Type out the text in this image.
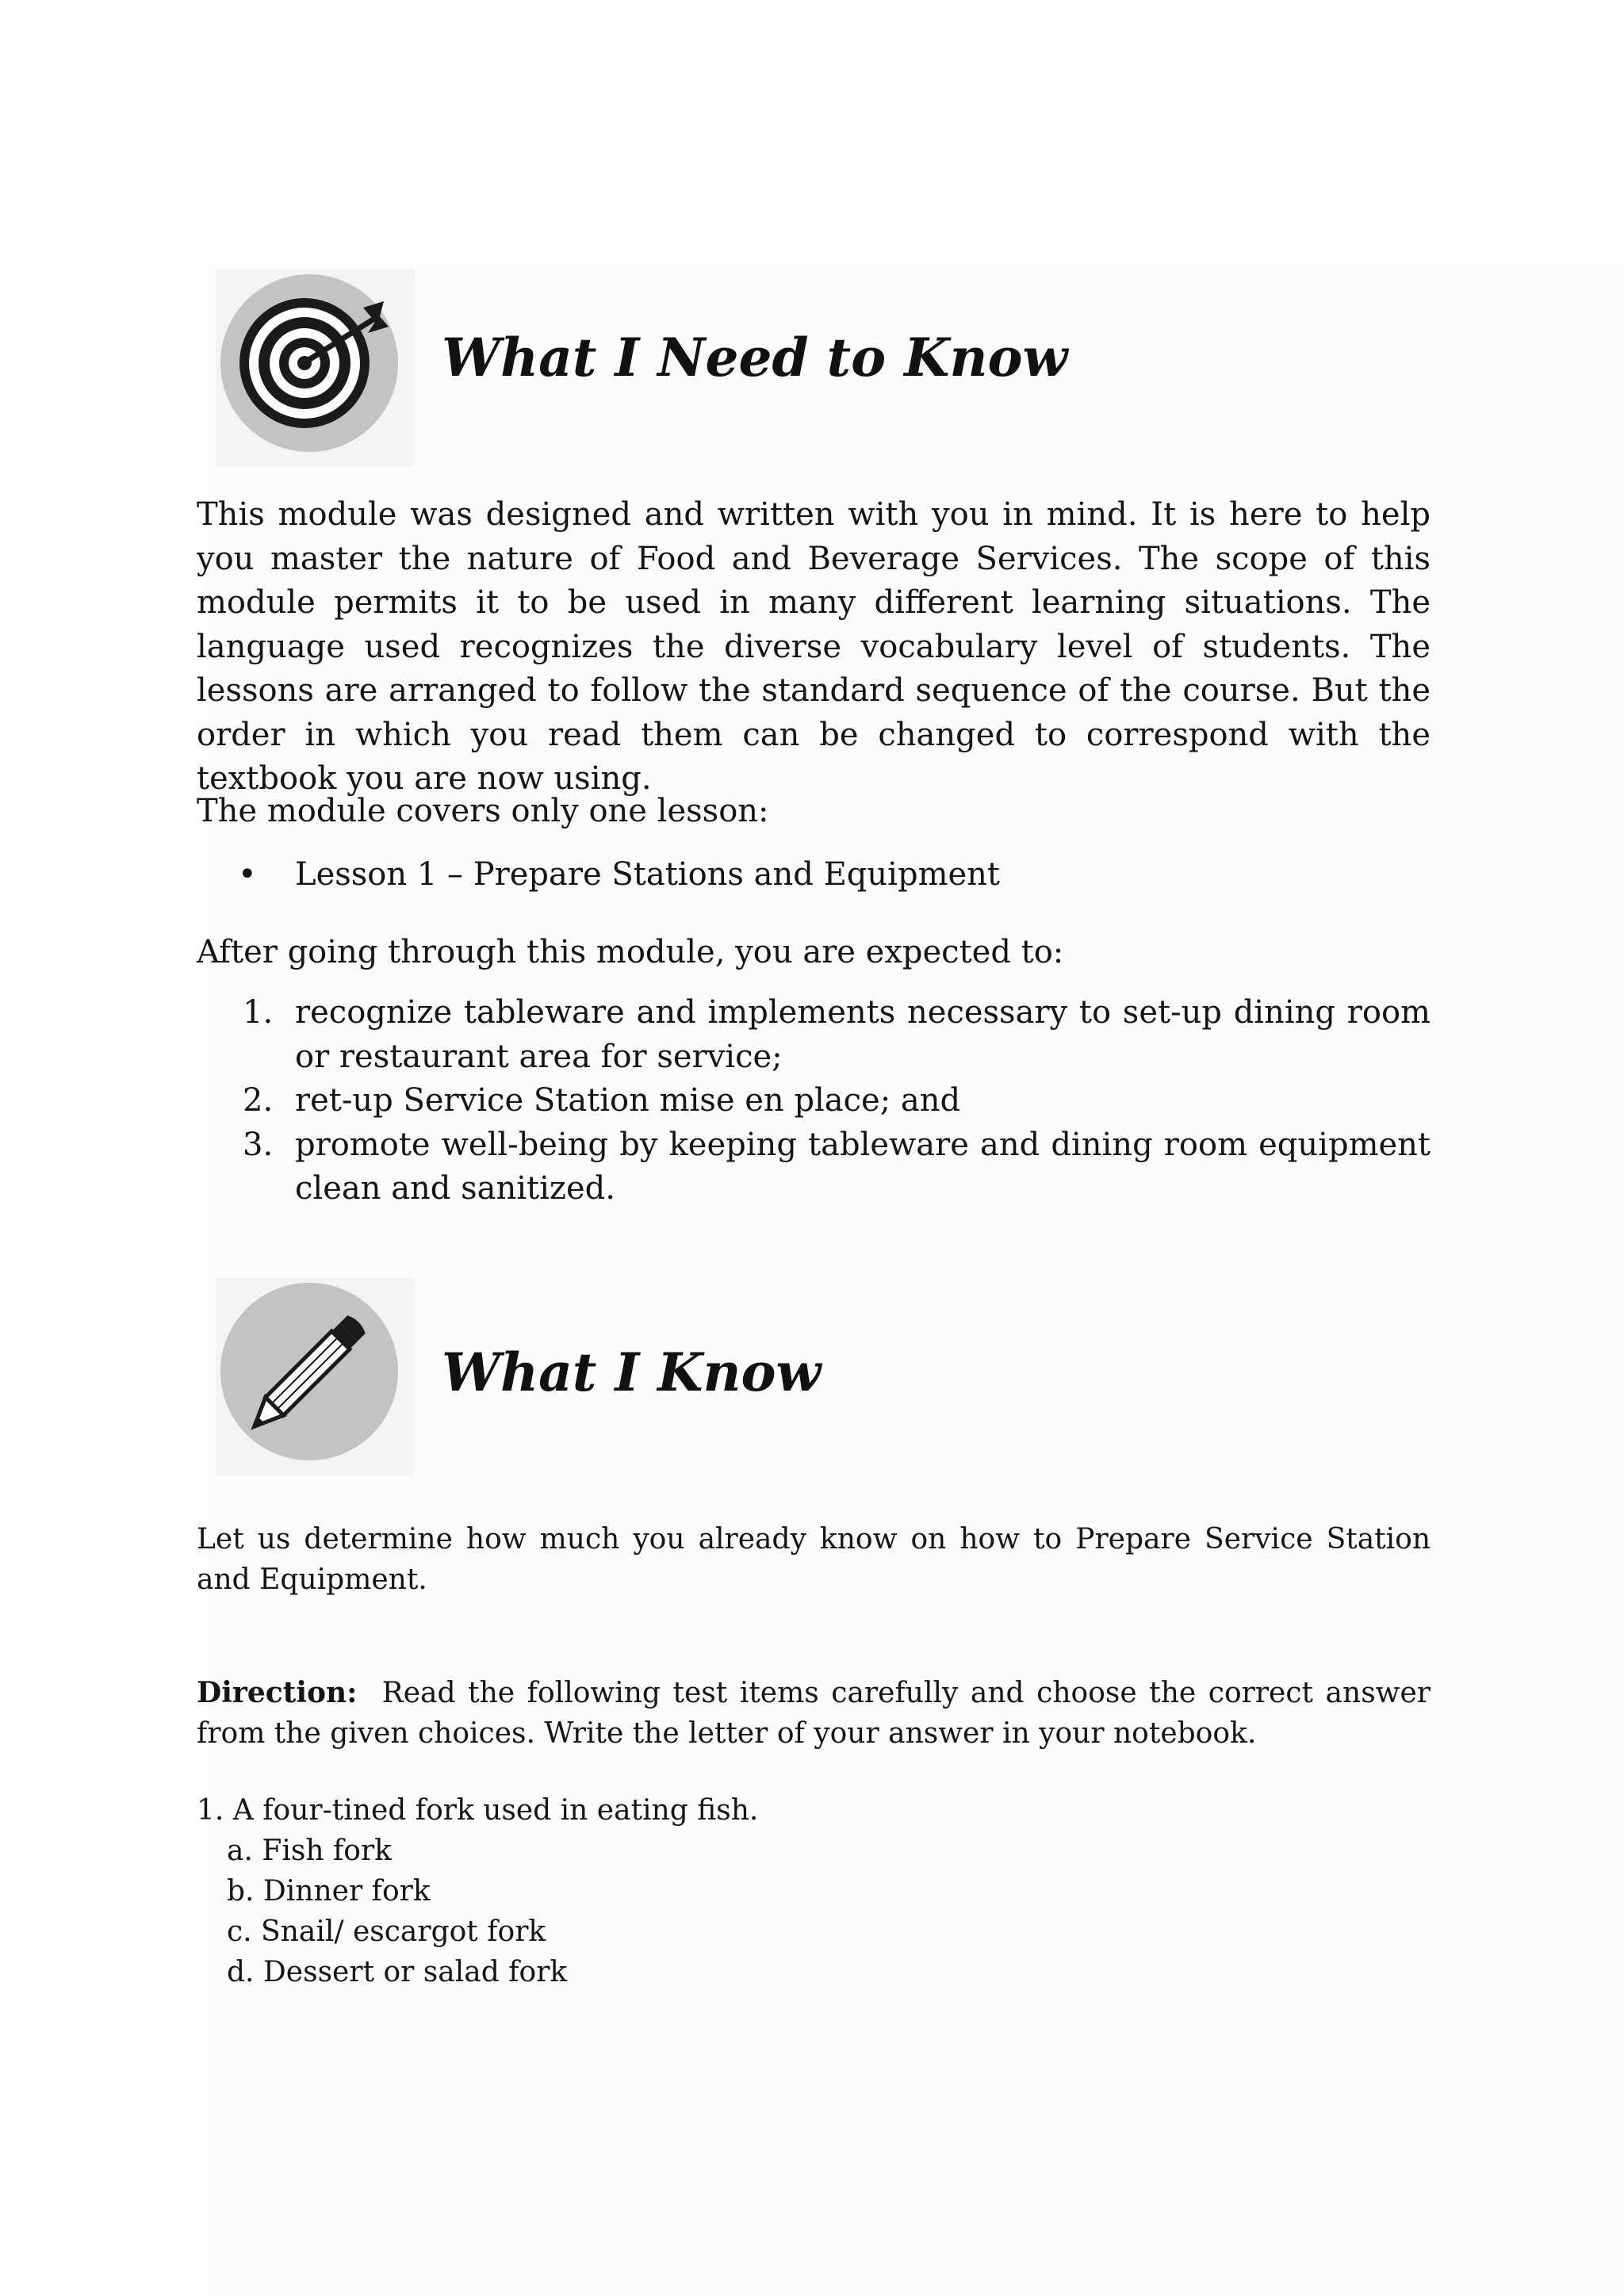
What I Need to Know

This module was designed and written with you in mind. It is here to help you master the nature of Food and Beverage Services. The scope of this module permits it to be used in many different learning situations. The language used recognizes the diverse vocabulary level of students. The lessons are arranged to follow the standard sequence of the course. But the order in which you read them can be changed to correspond with the textbook you are now using.

The module covers only one lesson:

• Lesson 1 – Prepare Stations and Equipment

After going through this module, you are expected to:

1. recognize tableware and implements necessary to set-up dining room or restaurant area for service;
2. ret-up Service Station mise en place; and
3. promote well-being by keeping tableware and dining room equipment clean and sanitized.
What I Know

Let us determine how much you already know on how to Prepare Service Station and Equipment.

Direction: Read the following test items carefully and choose the correct answer from the given choices. Write the letter of your answer in your notebook.

1. A four-tined fork used in eating fish.
a. Fish fork
b. Dinner fork
c. Snail/ escargot fork
d. Dessert or salad fork
